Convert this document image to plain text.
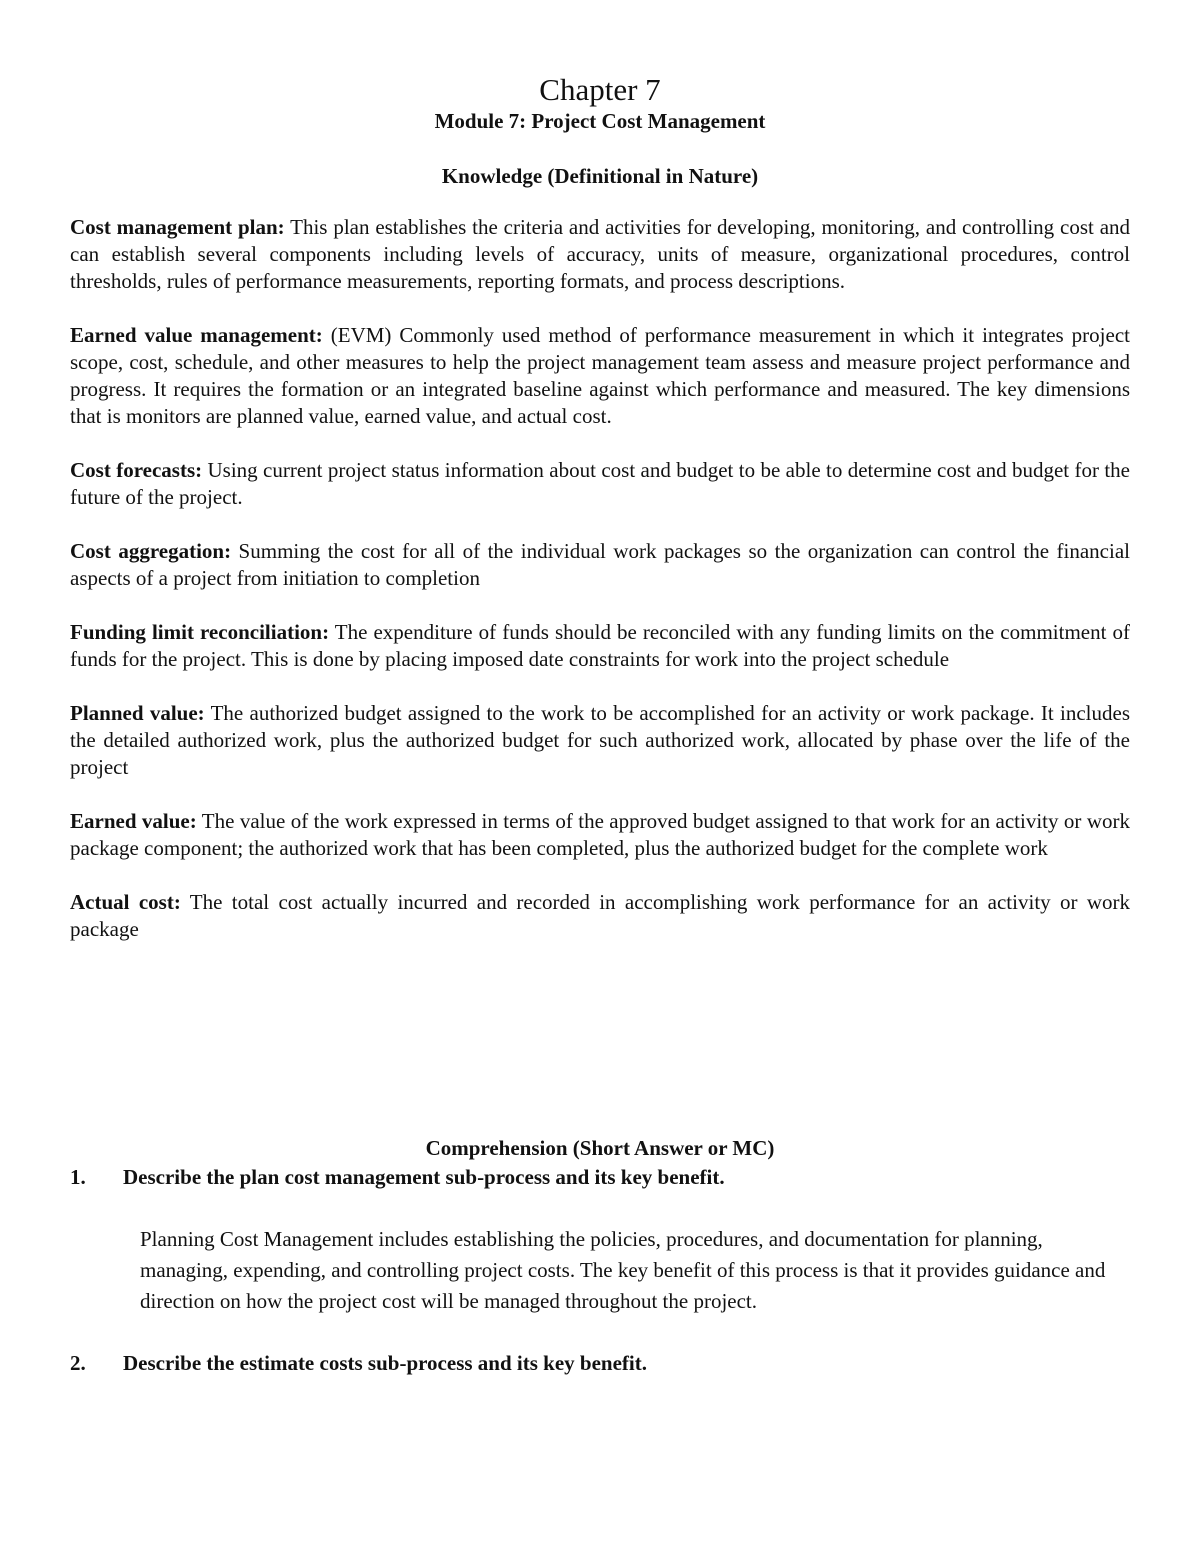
Chapter 7
Module 7: Project Cost Management
Knowledge (Definitional in Nature)

Cost management plan: This plan establishes the criteria and activities for developing, monitoring, and controlling cost and can establish several components including levels of accuracy, units of measure, organizational procedures, control thresholds, rules of performance measurements, reporting formats, and process descriptions.

Earned value management: (EVM) Commonly used method of performance measurement in which it integrates project scope, cost, schedule, and other measures to help the project management team assess and measure project performance and progress. It requires the formation or an integrated baseline against which performance and measured. The key dimensions that is monitors are planned value, earned value, and actual cost.

Cost forecasts: Using current project status information about cost and budget to be able to determine cost and budget for the future of the project.

Cost aggregation: Summing the cost for all of the individual work packages so the organization can control the financial aspects of a project from initiation to completion

Funding limit reconciliation: The expenditure of funds should be reconciled with any funding limits on the commitment of funds for the project. This is done by placing imposed date constraints for work into the project schedule

Planned value: The authorized budget assigned to the work to be accomplished for an activity or work package. It includes the detailed authorized work, plus the authorized budget for such authorized work, allocated by phase over the life of the project

Earned value: The value of the work expressed in terms of the approved budget assigned to that work for an activity or work package component; the authorized work that has been completed, plus the authorized budget for the complete work

Actual cost: The total cost actually incurred and recorded in accomplishing work performance for an activity or work package

Comprehension (Short Answer or MC)
1. Describe the plan cost management sub-process and its key benefit.
Planning Cost Management includes establishing the policies, procedures, and documentation for planning, managing, expending, and controlling project costs. The key benefit of this process is that it provides guidance and direction on how the project cost will be managed throughout the project.
2. Describe the estimate costs sub-process and its key benefit.
